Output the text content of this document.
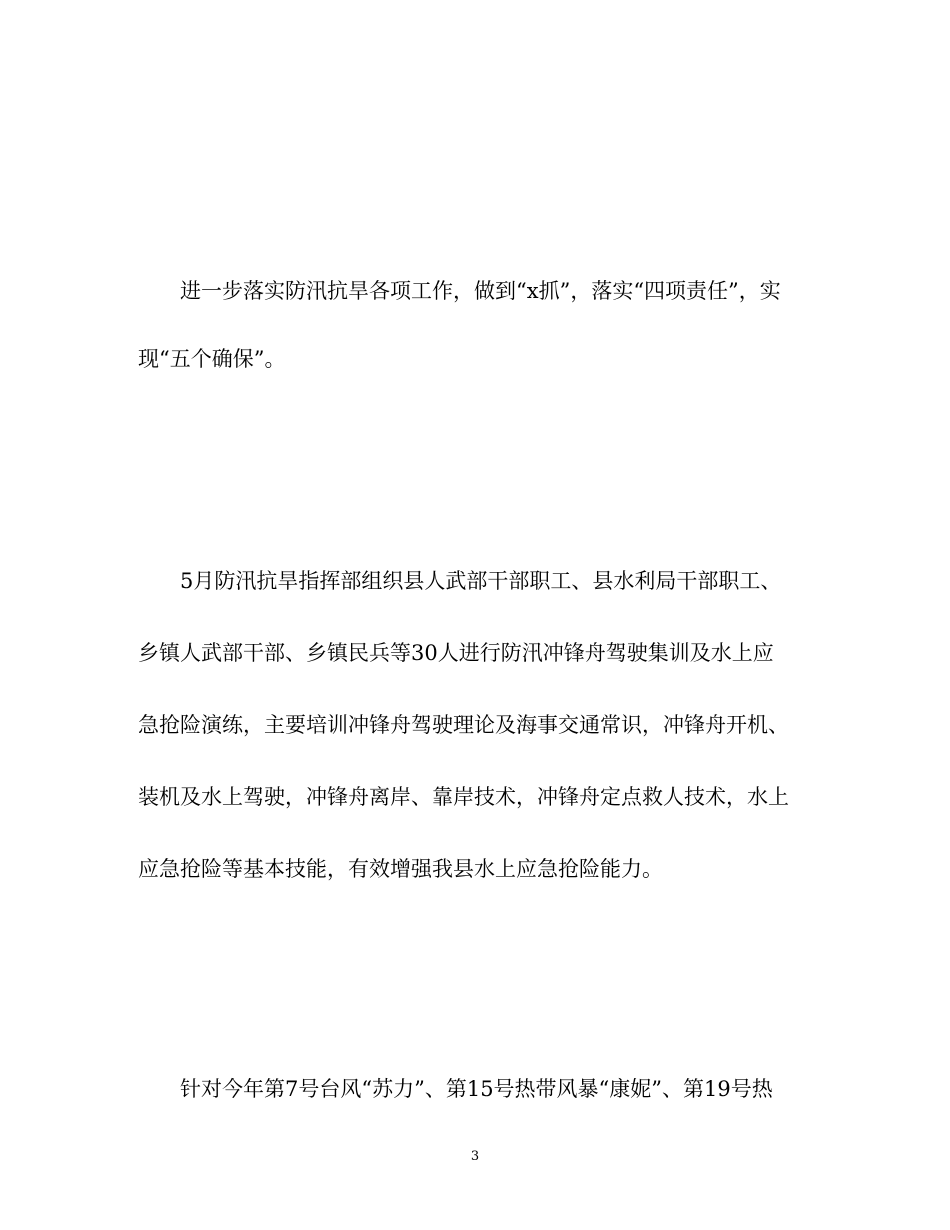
进一步落实防汛抗旱各项工作，做到“x抓”，落实“四项责任”，实
现“五个确保”。
5月防汛抗旱指挥部组织县人武部干部职工、县水利局干部职工、
乡镇人武部干部、乡镇民兵等30人进行防汛冲锋舟驾驶集训及水上应
急抢险演练，主要培训冲锋舟驾驶理论及海事交通常识，冲锋舟开机、
装机及水上驾驶，冲锋舟离岸、靠岸技术，冲锋舟定点救人技术，水上
应急抢险等基本技能，有效增强我县水上应急抢险能力。
针对今年第7号台风“苏力”、第15号热带风暴“康妮”、第19号热
3
